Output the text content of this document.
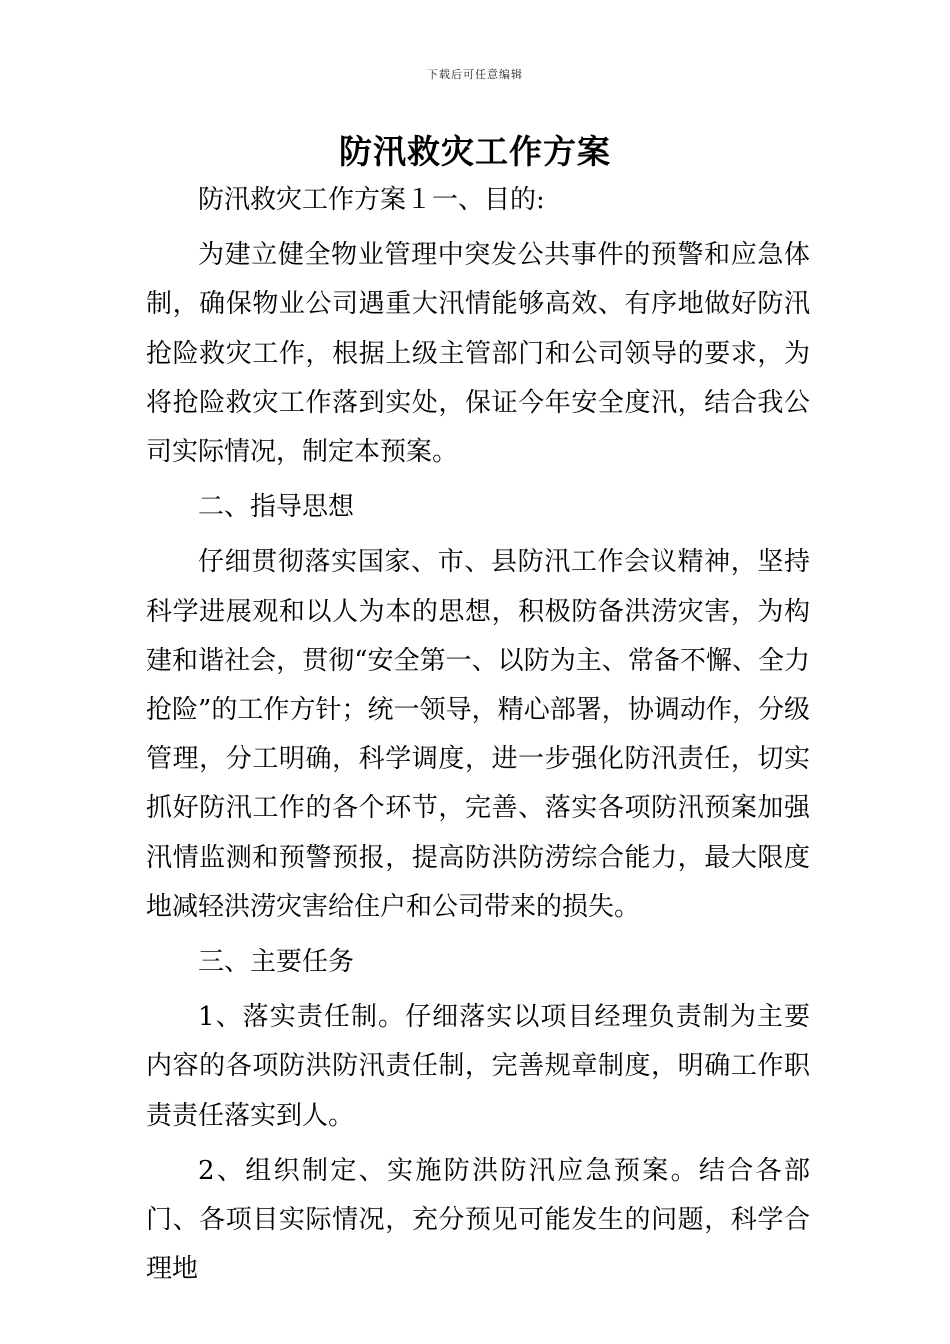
下载后可任意编辑
防汛救灾工作方案

防汛救灾工作方案１一、目的:

为建立健全物业管理中突发公共事件的预警和应急体制，确保物业公司遇重大汛情能够高效、有序地做好防汛抢险救灾工作，根据上级主管部门和公司领导的要求，为将抢险救灾工作落到实处，保证今年安全度汛，结合我公司实际情况，制定本预案。

二、指导思想

仔细贯彻落实国家、市、县防汛工作会议精神，坚持科学进展观和以人为本的思想，积极防备洪涝灾害，为构建和谐社会，贯彻“安全第一、以防为主、常备不懈、全力抢险”的工作方针；统一领导，精心部署，协调动作，分级管理，分工明确，科学调度，进一步强化防汛责任，切实抓好防汛工作的各个环节，完善、落实各项防汛预案加强汛情监测和预警预报，提高防洪防涝综合能力，最大限度地减轻洪涝灾害给住户和公司带来的损失。

三、主要任务

1、落实责任制。仔细落实以项目经理负责制为主要内容的各项防洪防汛责任制，完善规章制度，明确工作职责责任落实到人。

2、组织制定、实施防洪防汛应急预案。结合各部门、各项目实际情况，充分预见可能发生的问题，科学合理地
